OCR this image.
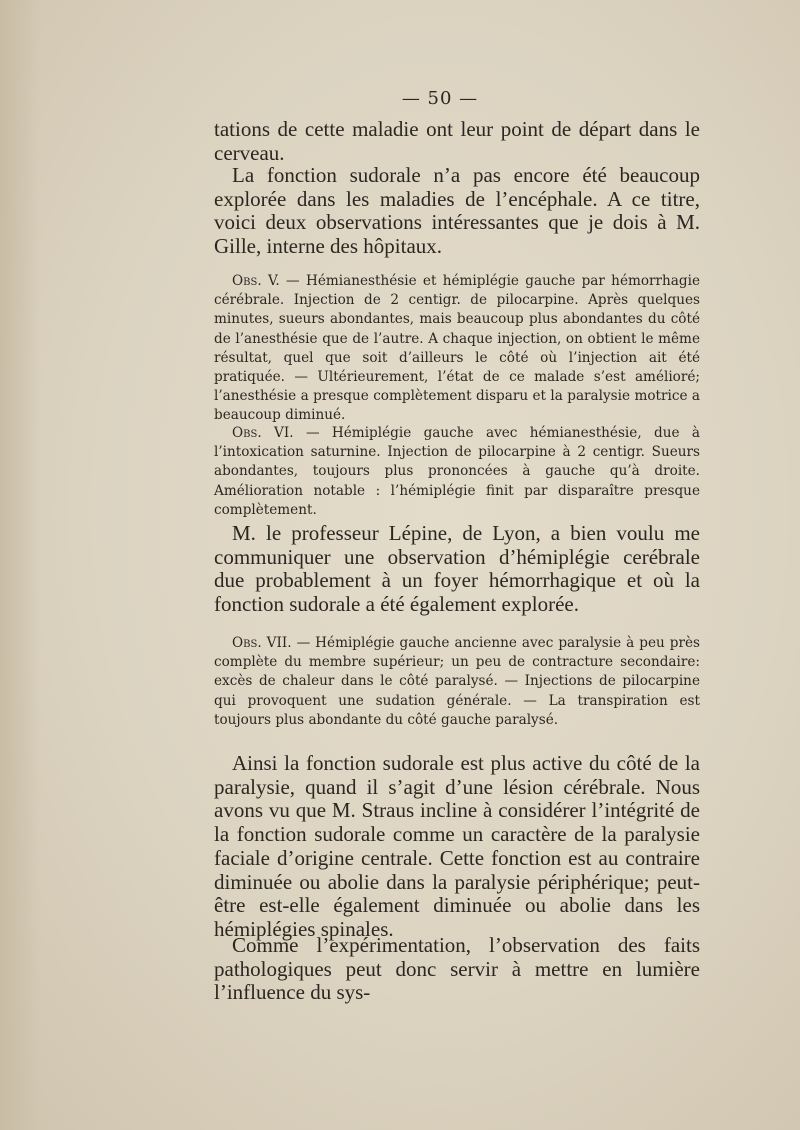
— 50 —

tations de cette maladie ont leur point de départ dans le cerveau.

La fonction sudorale n’a pas encore été beaucoup explorée dans les maladies de l’encéphale. A ce titre, voici deux observations intéressantes que je dois à M. Gille, interne des hôpitaux.

Obs. V. — Hémianesthésie et hémiplégie gauche par hémorrhagie cérébrale. Injection de 2 centigr. de pilocarpine. Après quelques minutes, sueurs abondantes, mais beaucoup plus abondantes du côté de l’anesthésie que de l’autre. A chaque injection, on obtient le même résultat, quel que soit d’ailleurs le côté où l’injection ait été pratiquée. — Ultérieurement, l’état de ce malade s’est amélioré; l’anesthésie a presque complètement disparu et la paralysie motrice a beaucoup diminué.

Obs. VI. — Hémiplégie gauche avec hémianesthésie, due à l’intoxication saturnine. Injection de pilocarpine à 2 centigr. Sueurs abondantes, toujours plus prononcées à gauche qu’à droite. Amélioration notable : l’hémiplégie finit par disparaître presque complètement.

M. le professeur Lépine, de Lyon, a bien voulu me communiquer une observation d’hémiplégie cerébrale due probablement à un foyer hémorrhagique et où la fonction sudorale a été également explorée.

Obs. VII. — Hémiplégie gauche ancienne avec paralysie à peu près complète du membre supérieur; un peu de contracture secondaire: excès de chaleur dans le côté paralysé. — Injections de pilocarpine qui provoquent une sudation générale. — La transpiration est toujours plus abondante du côté gauche paralysé.

Ainsi la fonction sudorale est plus active du côté de la paralysie, quand il s’agit d’une lésion cérébrale. Nous avons vu que M. Straus incline à considérer l’intégrité de la fonction sudorale comme un caractère de la paralysie faciale d’origine centrale. Cette fonction est au contraire diminuée ou abolie dans la paralysie périphérique; peut-être est-elle également diminuée ou abolie dans les hémiplégies spinales.

Comme l’expérimentation, l’observation des faits pathologiques peut donc servir à mettre en lumière l’influence du sys-
